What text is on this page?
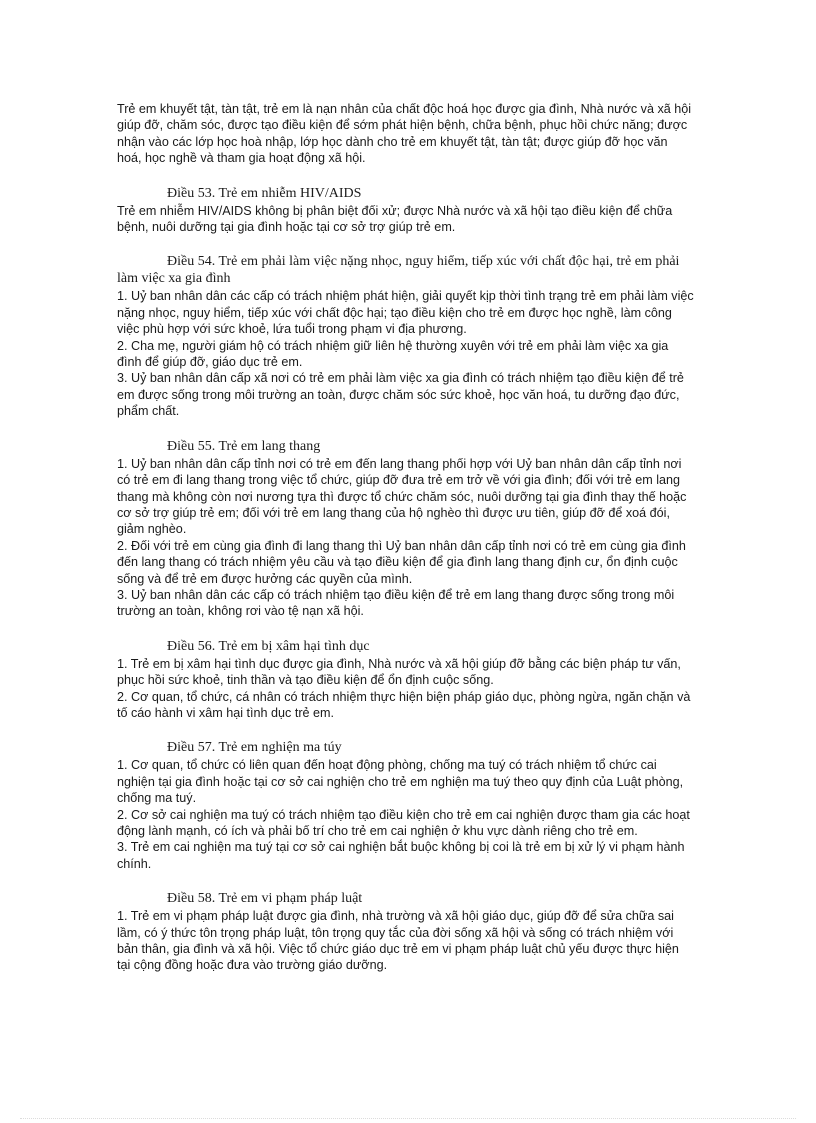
Trẻ em khuyết tật, tàn tật, trẻ em là nạn nhân của chất độc hoá học được gia đình, Nhà nước và xã hội giúp đỡ, chăm sóc, được tạo điều kiện để sớm phát hiện bệnh, chữa bệnh, phục hồi chức năng; được nhận vào các lớp học hoà nhập, lớp học dành cho trẻ em khuyết tật, tàn tật; được giúp đỡ học văn hoá, học nghề và tham gia hoạt động xã hội.

Điều 53. Trẻ em nhiễm HIV/AIDS

Trẻ em nhiễm HIV/AIDS không bị phân biệt đối xử; được Nhà nước và xã hội tạo điều kiện để chữa bệnh, nuôi dưỡng tại gia đình hoặc tại cơ sở trợ giúp trẻ em.

Điều 54. Trẻ em phải làm việc nặng nhọc, nguy hiểm, tiếp xúc với chất độc hại, trẻ em phải làm việc xa gia đình

1. Uỷ ban nhân dân các cấp có trách nhiệm phát hiện, giải quyết kịp thời tình trạng trẻ em phải làm việc nặng nhọc, nguy hiểm, tiếp xúc với chất độc hại; tạo điều kiện cho trẻ em được học nghề, làm công việc phù hợp với sức khoẻ, lứa tuổi trong phạm vi địa phương.

2. Cha mẹ, người giám hộ có trách nhiệm giữ liên hệ thường xuyên với trẻ em phải làm việc xa gia đình để giúp đỡ, giáo dục trẻ em.

3. Uỷ ban nhân dân cấp xã nơi có trẻ em phải làm việc xa gia đình có trách nhiệm tạo điều kiện để trẻ em được sống trong môi trường an toàn, được chăm sóc sức khoẻ, học văn hoá, tu dưỡng đạo đức, phẩm chất.

Điều 55. Trẻ em lang thang

1. Uỷ ban nhân dân cấp tỉnh nơi có trẻ em đến lang thang phối hợp với Uỷ ban nhân dân cấp tỉnh nơi có trẻ em đi lang thang trong việc tổ chức, giúp đỡ đưa trẻ em trở về với gia đình; đối với trẻ em lang thang mà không còn nơi nương tựa thì được tổ chức chăm sóc, nuôi dưỡng tại gia đình thay thế hoặc cơ sở trợ giúp trẻ em; đối với trẻ em lang thang của hộ nghèo thì được ưu tiên, giúp đỡ để xoá đói, giảm nghèo.

2. Đối với trẻ em cùng gia đình đi lang thang thì Uỷ ban nhân dân cấp tỉnh nơi có trẻ em cùng gia đình đến lang thang có trách nhiệm yêu cầu và tạo điều kiện để gia đình lang thang định cư, ổn định cuộc sống và để trẻ em được hưởng các quyền của mình.

3. Uỷ ban nhân dân các cấp có trách nhiệm tạo điều kiện để trẻ em lang thang được sống trong môi trường an toàn, không rơi vào tệ nạn xã hội.

Điều 56. Trẻ em bị xâm hại tình dục

1. Trẻ em bị xâm hại tình dục được gia đình, Nhà nước và xã hội giúp đỡ bằng các biện pháp tư vấn, phục hồi sức khoẻ, tinh thần và tạo điều kiện để ổn định cuộc sống.

2. Cơ quan, tổ chức, cá nhân có trách nhiệm thực hiện biện pháp giáo dục, phòng ngừa, ngăn chặn và tố cáo hành vi xâm hại tình dục trẻ em.

Điều 57. Trẻ em nghiện ma túy

1. Cơ quan, tổ chức có liên quan đến hoạt động phòng, chống ma tuý có trách nhiệm tổ chức cai nghiện tại gia đình hoặc tại cơ sở cai nghiện cho trẻ em nghiện ma tuý theo quy định của Luật phòng, chống ma tuý.

2. Cơ sở cai nghiện ma tuý có trách nhiệm tạo điều kiện cho trẻ em cai nghiện được tham gia các hoạt động lành mạnh, có ích và phải bố trí cho trẻ em cai nghiện ở khu vực dành riêng cho trẻ em.

3. Trẻ em cai nghiện ma tuý tại cơ sở cai nghiện bắt buộc không bị coi là trẻ em bị xử lý vi phạm hành chính.

Điều 58. Trẻ em vi phạm pháp luật

1. Trẻ em vi phạm pháp luật được gia đình, nhà trường và xã hội giáo dục, giúp đỡ để sửa chữa sai lầm, có ý thức tôn trọng pháp luật, tôn trọng quy tắc của đời sống xã hội và sống có trách nhiệm với bản thân, gia đình và xã hội. Việc tổ chức giáo dục trẻ em vi phạm pháp luật chủ yếu được thực hiện tại cộng đồng hoặc đưa vào trường giáo dưỡng.
